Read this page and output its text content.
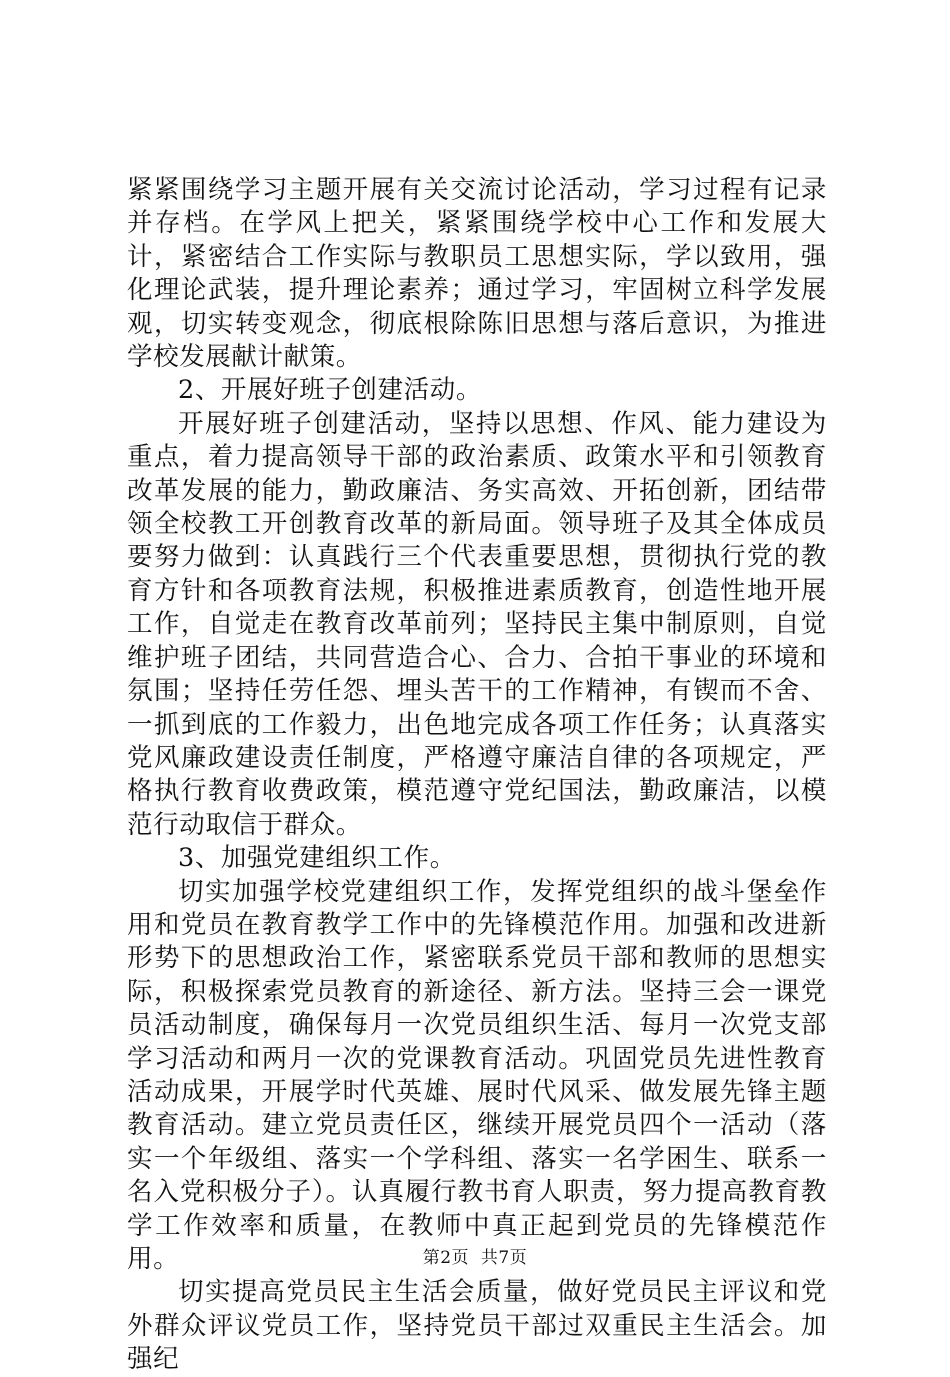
紧紧围绕学习主题开展有关交流讨论活动，学习过程有记录并存档。在学风上把关，紧紧围绕学校中心工作和发展大计，紧密结合工作实际与教职员工思想实际，学以致用，强化理论武装，提升理论素养；通过学习，牢固树立科学发展观，切实转变观念，彻底根除陈旧思想与落后意识，为推进学校发展献计献策。

2、开展好班子创建活动。

开展好班子创建活动，坚持以思想、作风、能力建设为重点，着力提高领导干部的政治素质、政策水平和引领教育改革发展的能力，勤政廉洁、务实高效、开拓创新，团结带领全校教工开创教育改革的新局面。领导班子及其全体成员要努力做到：认真践行三个代表重要思想，贯彻执行党的教育方针和各项教育法规，积极推进素质教育，创造性地开展工作，自觉走在教育改革前列；坚持民主集中制原则，自觉维护班子团结，共同营造合心、合力、合拍干事业的环境和氛围；坚持任劳任怨、埋头苦干的工作精神，有锲而不舍、一抓到底的工作毅力，出色地完成各项工作任务；认真落实党风廉政建设责任制度，严格遵守廉洁自律的各项规定，严格执行教育收费政策，模范遵守党纪国法，勤政廉洁，以模范行动取信于群众。

3、加强党建组织工作。

切实加强学校党建组织工作，发挥党组织的战斗堡垒作用和党员在教育教学工作中的先锋模范作用。加强和改进新形势下的思想政治工作，紧密联系党员干部和教师的思想实际，积极探索党员教育的新途径、新方法。坚持三会一课党员活动制度，确保每月一次党员组织生活、每月一次党支部学习活动和两月一次的党课教育活动。巩固党员先进性教育活动成果，开展学时代英雄、展时代风采、做发展先锋主题教育活动。建立党员责任区，继续开展党员四个一活动（落实一个年级组、落实一个学科组、落实一名学困生、联系一名入党积极分子）。认真履行教书育人职责，努力提高教育教学工作效率和质量，在教师中真正起到党员的先锋模范作用。

切实提高党员民主生活会质量，做好党员民主评议和党外群众评议党员工作，坚持党员干部过双重民主生活会。加强纪

第2页 共7页
